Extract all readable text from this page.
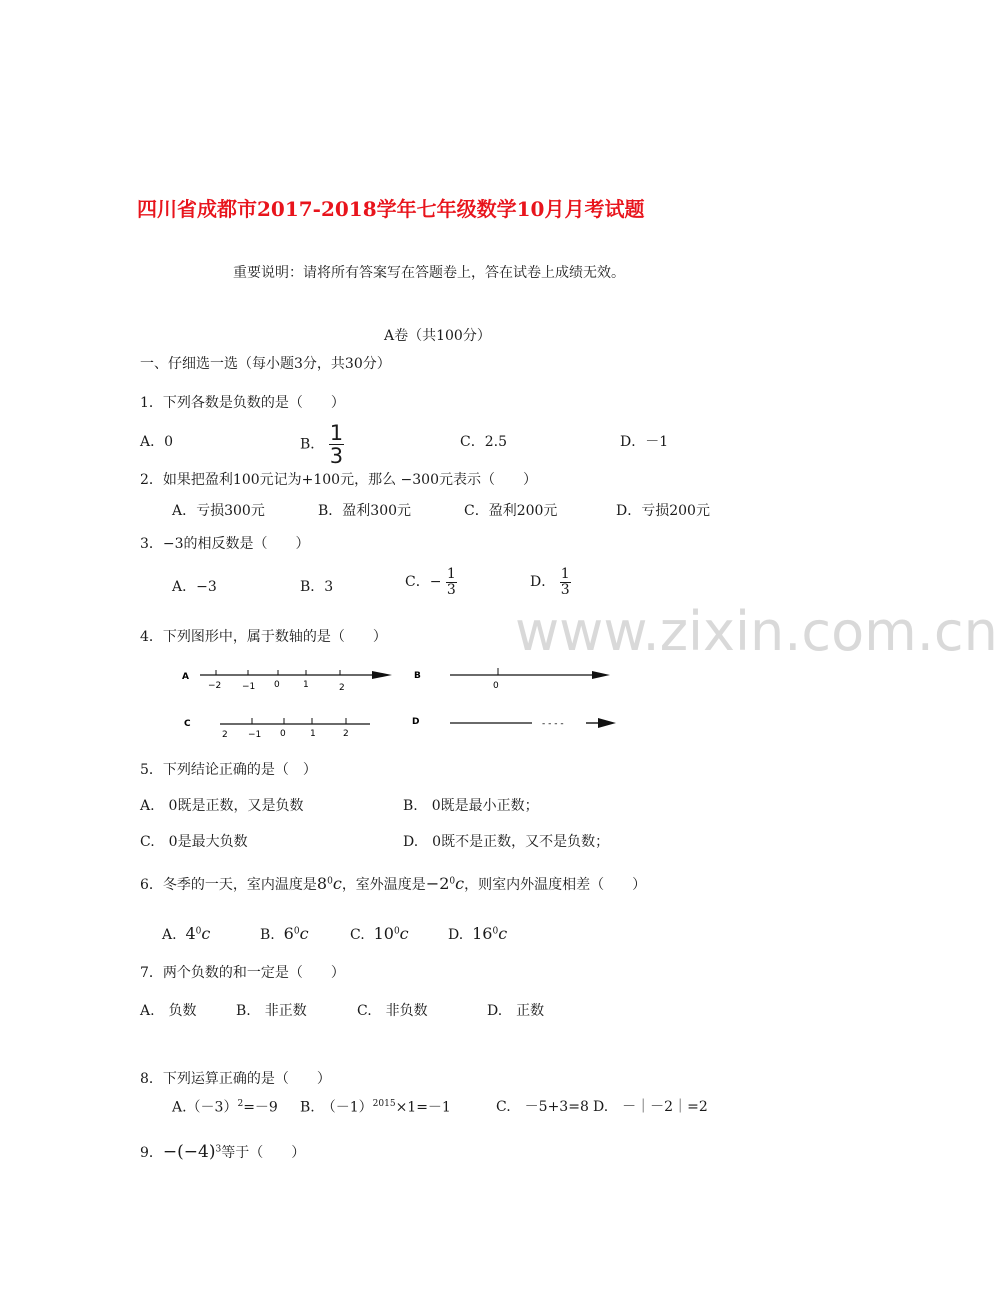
四川省成都市2017-2018学年七年级数学10月月考试题
重要说明：请将所有答案写在答题卷上，答在试卷上成绩无效。
A卷（共100分）
一、仔细选一选（每小题3分，共30分）
www.zixin.com.cn
1．下列各数是负数的是（　　）
A．0	B． $\frac{1}{3}$	C．2.5	D．－1
2．如果把盈利100元记为+100元，那么 −300元表示（　　）
A．亏损300元	B．盈利300元	C．盈利200元	D．亏损200元
3．−3的相反数是（　　）
A．−3	B．3	C．− $\frac{1}{3}$	D． $\frac{1}{3}$
4．下列图形中，属于数轴的是（　　）
A
−2 −1 0	1	2
B
0
C
2 −1 0	1	2
D	- - - -
5．下列结论正确的是（　）
A.　0既是正数，又是负数	B.　0既是最小正数；
C.　0是最大负数	D.　0既不是正数，又不是负数；
6．冬季的一天，室内温度是$8^0c$，室外温度是$-2^0c$，则室内外温度相差（　　）
A. $4^0c$	B. $6^0c$	C. $10^0c$	D. $16^0c$
7．两个负数的和一定是（　　）
A.　负数	B.　非正数	C.　非负数	D.　正数
8．下列运算正确的是（　　）
$A.(-3)^2=-9$ B.　$(-1)^{2015}\times 1=-1$	C.　－5+3=8 D.　－｜－2｜=2
9．$-(-4)^3$等于（　　）
